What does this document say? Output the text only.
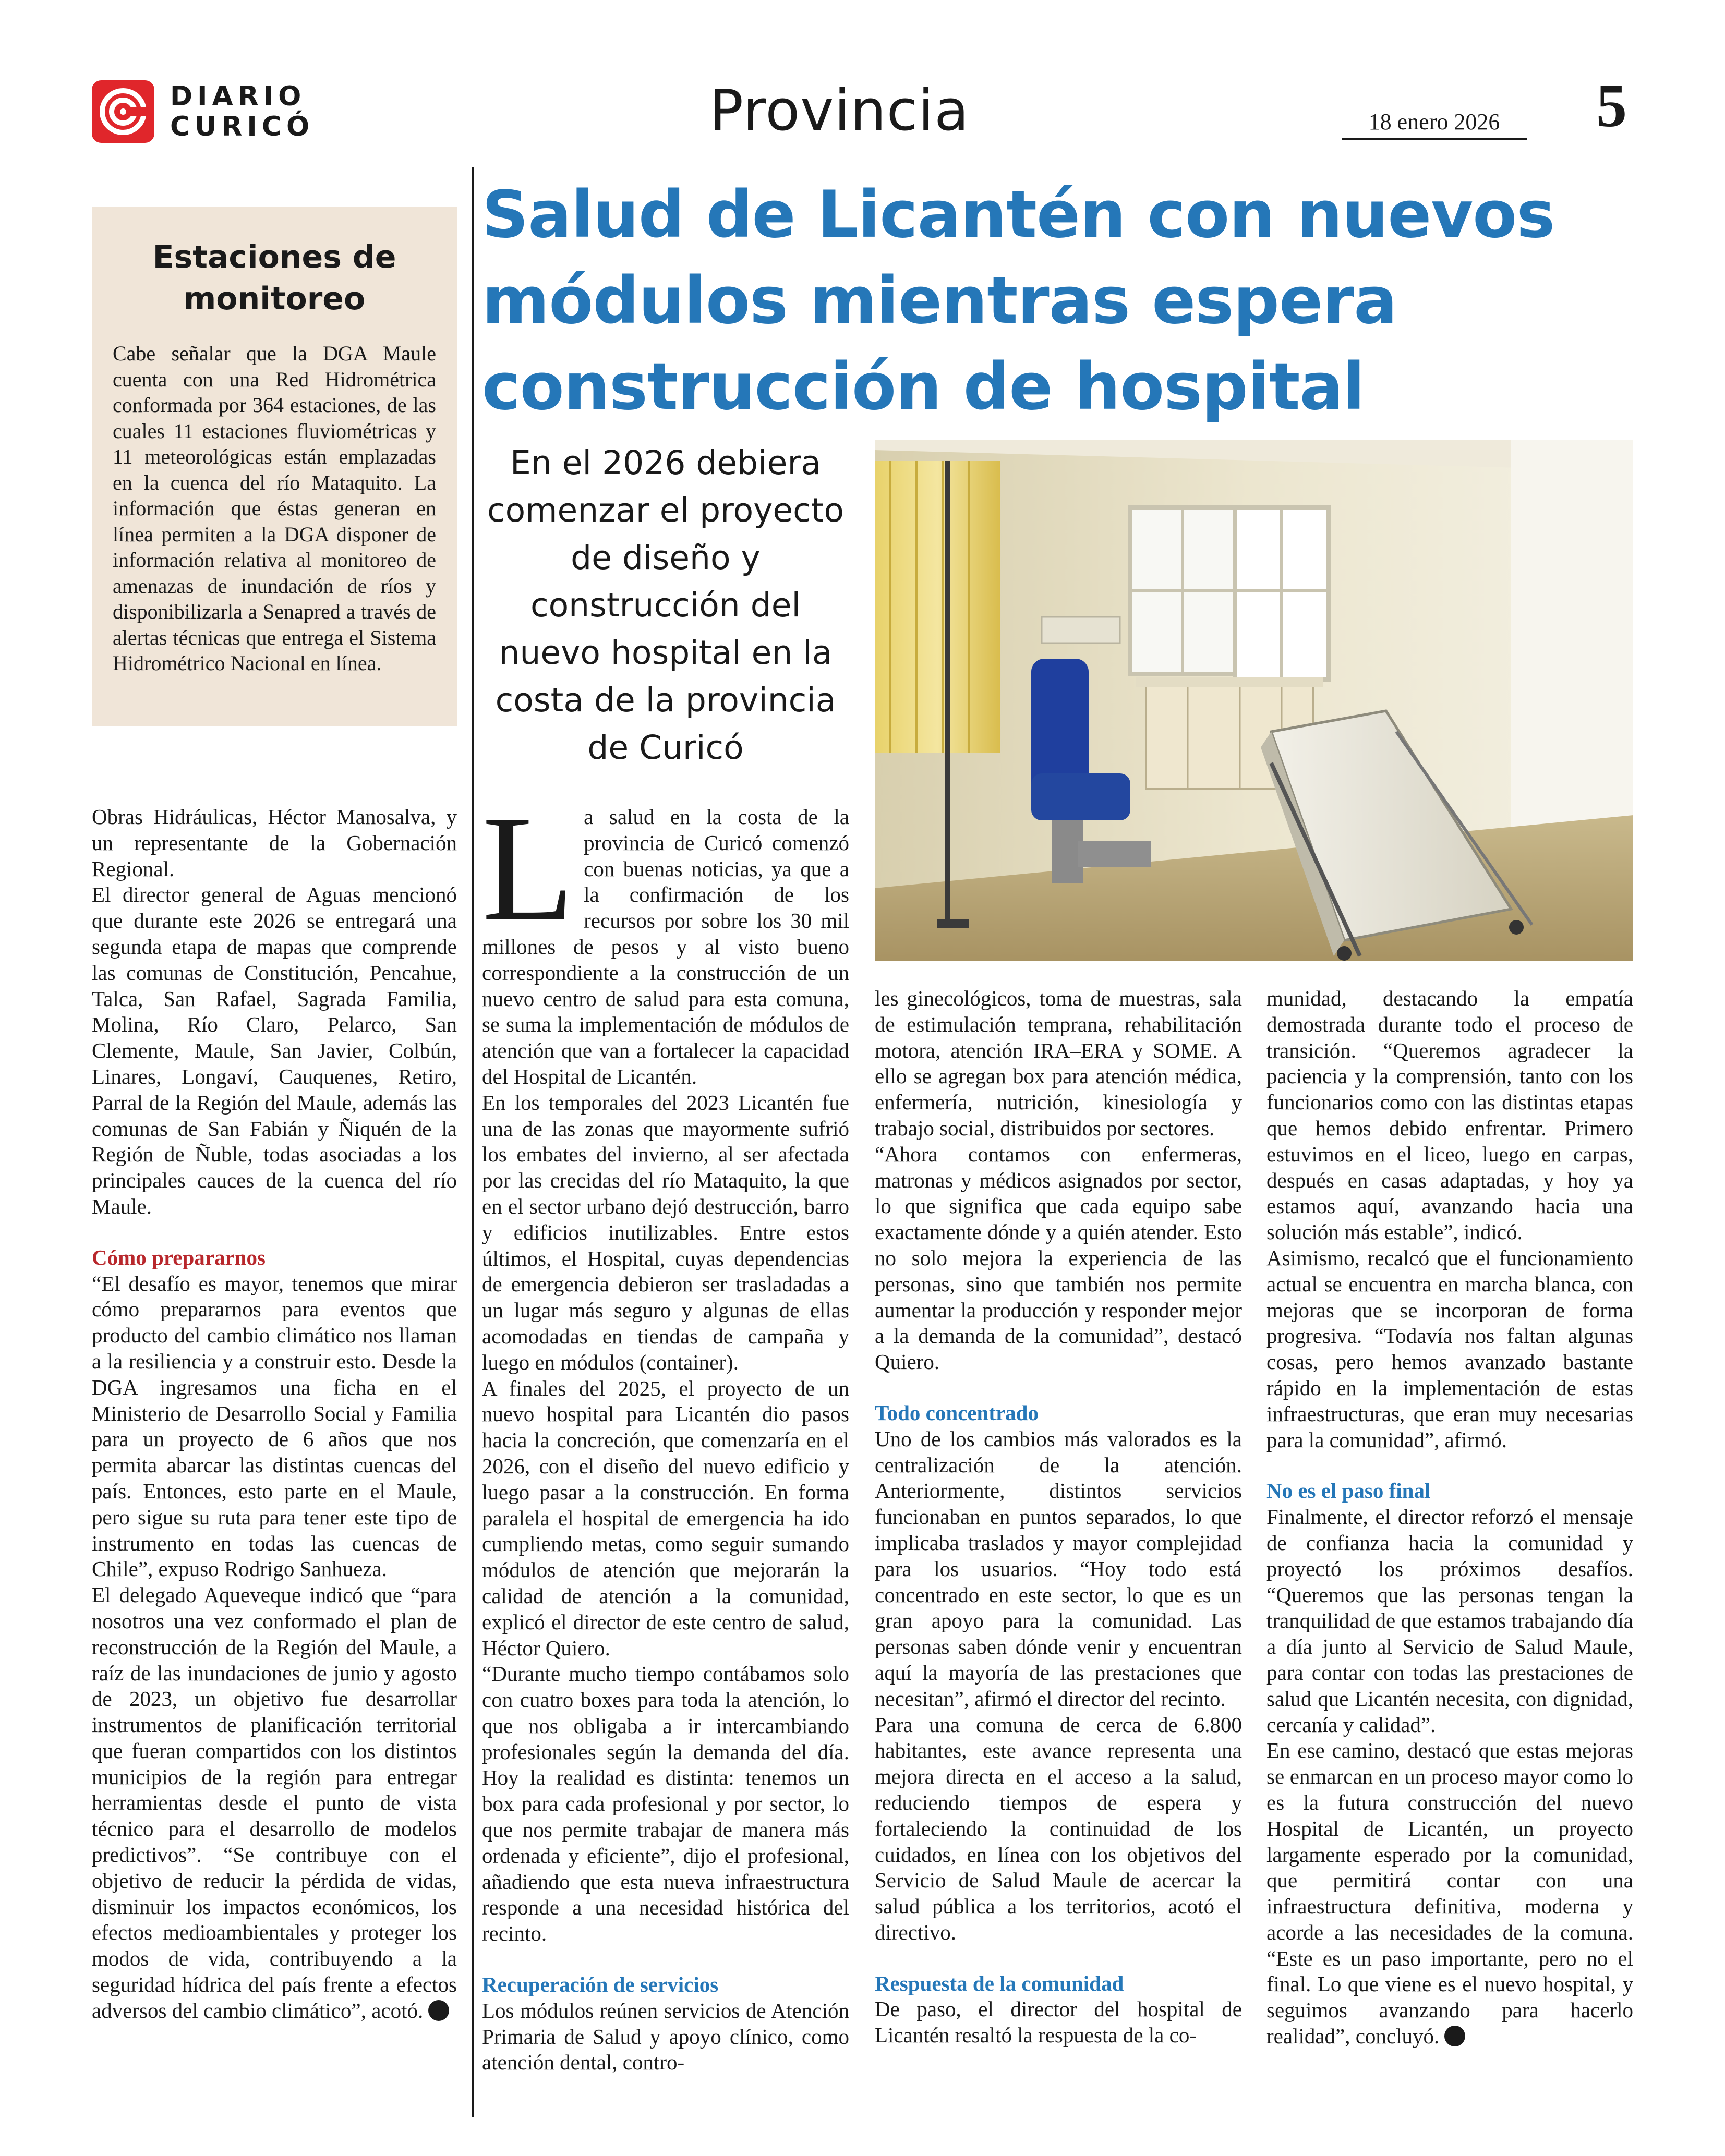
DIARIO
CURICÓ	Provincia	18 enero 2026	5
Estaciones de monitoreo

Cabe señalar que la DGA Maule cuenta con una Red Hidrométrica conformada por 364 estaciones, de las cuales 11 estaciones fluviométricas y 11 meteorológicas están emplazadas en la cuenca del río Mataquito. La información que éstas generan en línea permiten a la DGA disponer de información relativa al monitoreo de amenazas de inundación de ríos y disponibilizarla a Senapred a través de alertas técnicas que entrega el Sistema Hidrométrico Nacional en línea.

Salud de Licantén con nuevos módulos mientras espera construcción de hospital

En el 2026 debiera comenzar el proyecto de diseño y construcción del nuevo hospital en la costa de la provincia de Curicó

Obras Hidráulicas, Héctor Manosalva, y un representante de la Gobernación Regional.

El director general de Aguas mencionó que durante este 2026 se entregará una segunda etapa de mapas que comprende las comunas de Constitución, Pencahue, Talca, San Rafael, Sagrada Familia, Molina, Río Claro, Pelarco, San Clemente, Maule, San Javier, Colbún, Linares, Longaví, Cauquenes, Retiro, Parral de la Región del Maule, además las comunas de San Fabián y Ñiquén de la Región de Ñuble, todas asociadas a los principales cauces de la cuenca del río Maule.

Cómo prepararnos

“El desafío es mayor, tenemos que mirar cómo prepararnos para eventos que producto del cambio climático nos llaman a la resiliencia y a construir esto. Desde la DGA ingresamos una ficha en el Ministerio de Desarrollo Social y Familia para un proyecto de 6 años que nos permita abarcar las distintas cuencas del país. Entonces, esto parte en el Maule, pero sigue su ruta para tener este tipo de instrumento en todas las cuencas de Chile”, expuso Rodrigo Sanhueza.

El delegado Aqueveque indicó que “para nosotros una vez conformado el plan de reconstrucción de la Región del Maule, a raíz de las inundaciones de junio y agosto de 2023, un objetivo fue desarrollar instrumentos de planificación territorial que fueran compartidos con los distintos municipios de la región para entregar herramientas desde el punto de vista técnico para el desarrollo de modelos predictivos”. “Se contribuye con el objetivo de reducir la pérdida de vidas, disminuir los impactos económicos, los efectos medioambientales y proteger los modos de vida, contribuyendo a la seguridad hídrica del país frente a efectos adversos del cambio climático”, acotó.

La salud en la costa de la provincia de Curicó comenzó con buenas noticias, ya que a la confirmación de los recursos por sobre los 30 mil millones de pesos y al visto bueno correspondiente a la construcción de un nuevo centro de salud para esta comuna, se suma la implementación de módulos de atención que van a fortalecer la capacidad del Hospital de Licantén.

En los temporales del 2023 Licantén fue una de las zonas que mayormente sufrió los embates del invierno, al ser afectada por las crecidas del río Mataquito, la que en el sector urbano dejó destrucción, barro y edificios inutilizables. Entre estos últimos, el Hospital, cuyas dependencias de emergencia debieron ser trasladadas a un lugar más seguro y algunas de ellas acomodadas en tiendas de campaña y luego en módulos (container).

A finales del 2025, el proyecto de un nuevo hospital para Licantén dio pasos hacia la concreción, que comenzaría en el 2026, con el diseño del nuevo edificio y luego pasar a la construcción. En forma paralela el hospital de emergencia ha ido cumpliendo metas, como seguir sumando módulos de atención que mejorarán la calidad de atención a la comunidad, explicó el director de este centro de salud, Héctor Quiero.

“Durante mucho tiempo contábamos solo con cuatro boxes para toda la atención, lo que nos obligaba a ir intercambiando profesionales según la demanda del día. Hoy la realidad es distinta: tenemos un box para cada profesional y por sector, lo que nos permite trabajar de manera más ordenada y eficiente”, dijo el profesional, añadiendo que esta nueva infraestructura responde a una necesidad histórica del recinto.

Recuperación de servicios

Los módulos reúnen servicios de Atención Primaria de Salud y apoyo clínico, como atención dental, contro-

les ginecológicos, toma de muestras, sala de estimulación temprana, rehabilitación motora, atención IRA–ERA y SOME. A ello se agregan box para atención médica, enfermería, nutrición, kinesiología y trabajo social, distribuidos por sectores.

“Ahora contamos con enfermeras, matronas y médicos asignados por sector, lo que significa que cada equipo sabe exactamente dónde y a quién atender. Esto no solo mejora la experiencia de las personas, sino que también nos permite aumentar la producción y responder mejor a la demanda de la comunidad”, destacó Quiero.

Todo concentrado

Uno de los cambios más valorados es la centralización de la atención. Anteriormente, distintos servicios funcionaban en puntos separados, lo que implicaba traslados y mayor complejidad para los usuarios. “Hoy todo está concentrado en este sector, lo que es un gran apoyo para la comunidad. Las personas saben dónde venir y encuentran aquí la mayoría de las prestaciones que necesitan”, afirmó el director del recinto.

Para una comuna de cerca de 6.800 habitantes, este avance representa una mejora directa en el acceso a la salud, reduciendo tiempos de espera y fortaleciendo la continuidad de los cuidados, en línea con los objetivos del Servicio de Salud Maule de acercar la salud pública a los territorios, acotó el directivo.

Respuesta de la comunidad

De paso, el director del hospital de Licantén resaltó la respuesta de la co-

munidad, destacando la empatía demostrada durante todo el proceso de transición. “Queremos agradecer la paciencia y la comprensión, tanto con los funcionarios como con las distintas etapas que hemos debido enfrentar. Primero estuvimos en el liceo, luego en carpas, después en casas adaptadas, y hoy ya estamos aquí, avanzando hacia una solución más estable”, indicó.

Asimismo, recalcó que el funcionamiento actual se encuentra en marcha blanca, con mejoras que se incorporan de forma progresiva. “Todavía nos faltan algunas cosas, pero hemos avanzado bastante rápido en la implementación de estas infraestructuras, que eran muy necesarias para la comunidad”, afirmó.

No es el paso final

Finalmente, el director reforzó el mensaje de confianza hacia la comunidad y proyectó los próximos desafíos. “Queremos que las personas tengan la tranquilidad de que estamos trabajando día a día junto al Servicio de Salud Maule, para contar con todas las prestaciones de salud que Licantén necesita, con dignidad, cercanía y calidad”.

En ese camino, destacó que estas mejoras se enmarcan en un proceso mayor como lo es la futura construcción del nuevo Hospital de Licantén, un proyecto largamente esperado por la comunidad, que permitirá contar con una infraestructura definitiva, moderna y acorde a las necesidades de la comuna. “Este es un paso importante, pero no el final. Lo que viene es el nuevo hospital, y seguimos avanzando para hacerlo realidad”, concluyó.
